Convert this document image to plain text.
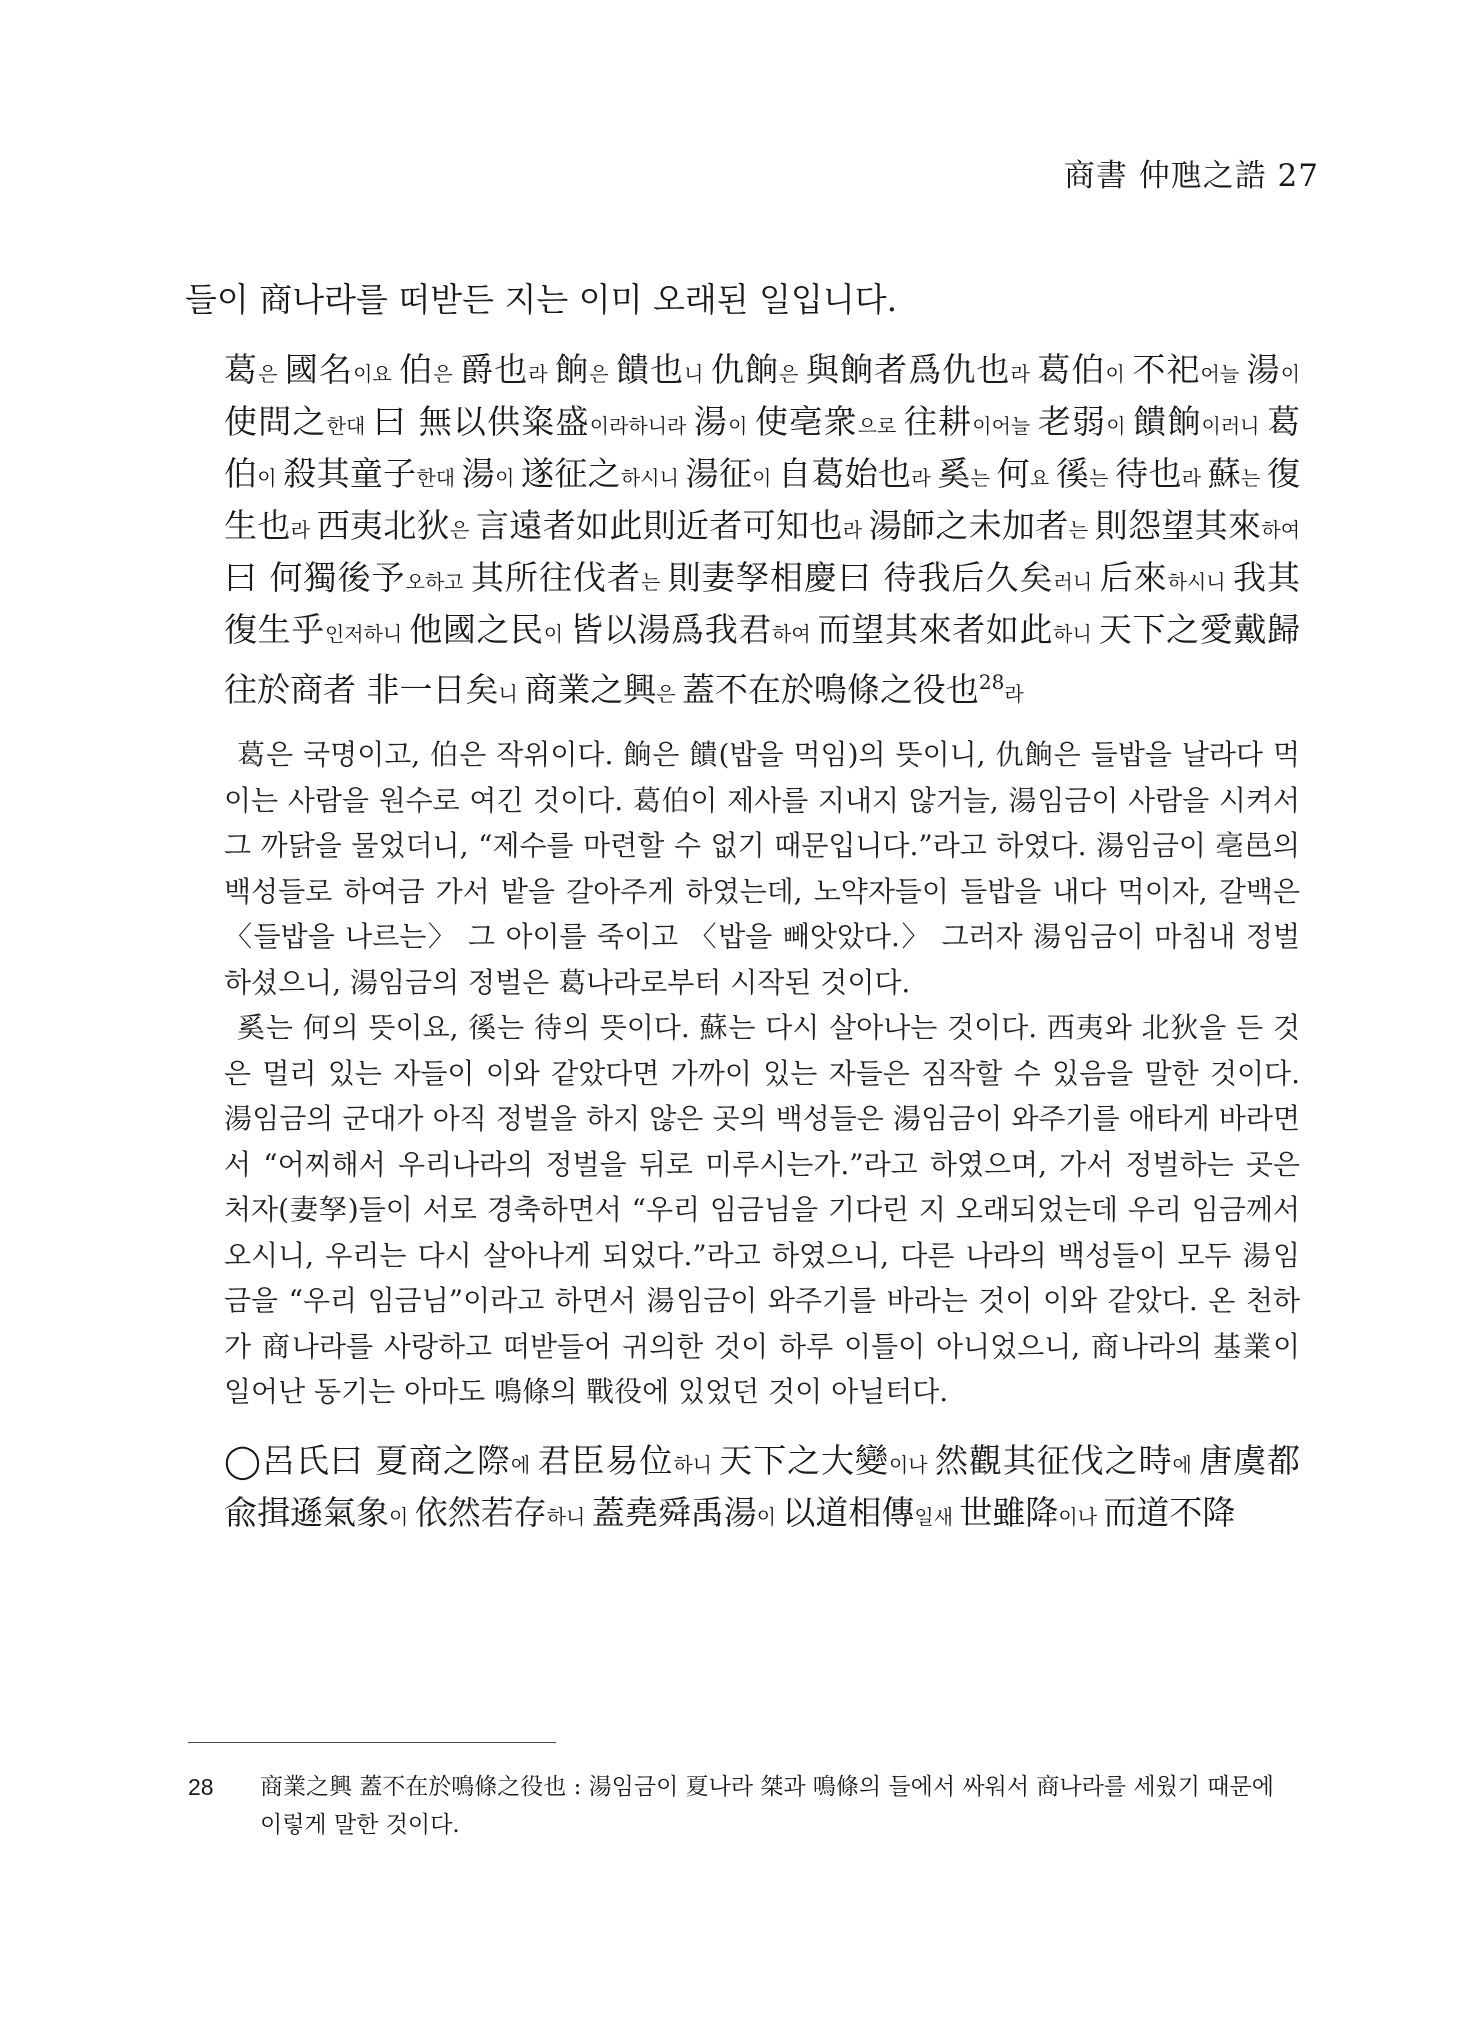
商書 仲虺之誥 27

들이 商나라를 떠받든 지는 이미 오래된 일입니다.

葛은 國名이요 伯은 爵也라 餉은 饋也니 仇餉은 與餉者爲仇也라 葛伯이 不祀어늘 湯이 使問之한대 曰 無以供粢盛이라하니라 湯이 使亳衆으로 往耕이어늘 老弱이 饋餉이러니 葛伯이 殺其童子한대 湯이 遂征之하시니 湯征이 自葛始也라 奚는 何요 徯는 待也라 蘇는 復生也라 西夷北狄은 言遠者如此則近者可知也라 湯師之未加者는 則怨望其來하여 曰 何獨後予오하고 其所往伐者는 則妻孥相慶曰 待我后久矣러니 后來하시니 我其復生乎인저하니 他國之民이 皆以湯爲我君하여 而望其來者如此하니 天下之愛戴歸往於商者 非一日矣니 商業之興은 蓋不在於鳴條之役也$^{28}$라

葛은 국명이고, 伯은 작위이다. 餉은 饋(밥을 먹임)의 뜻이니, 仇餉은 들밥을 날라다 먹이는 사람을 원수로 여긴 것이다. 葛伯이 제사를 지내지 않거늘, 湯임금이 사람을 시켜서 그 까닭을 물었더니, “제수를 마련할 수 없기 때문입니다.”라고 하였다. 湯임금이 亳邑의 백성들로 하여금 가서 밭을 갈아주게 하였는데, 노약자들이 들밥을 내다 먹이자, 갈백은 〈들밥을 나르는〉 그 아이를 죽이고 〈밥을 빼앗았다.〉 그러자 湯임금이 마침내 정벌하셨으니, 湯임금의 정벌은 葛나라로부터 시작된 것이다.

奚는 何의 뜻이요, 徯는 待의 뜻이다. 蘇는 다시 살아나는 것이다. 西夷와 北狄을 든 것은 멀리 있는 자들이 이와 같았다면 가까이 있는 자들은 짐작할 수 있음을 말한 것이다. 湯임금의 군대가 아직 정벌을 하지 않은 곳의 백성들은 湯임금이 와주기를 애타게 바라면서 “어찌해서 우리나라의 정벌을 뒤로 미루시는가.”라고 하였으며, 가서 정벌하는 곳은 처자(妻孥)들이 서로 경축하면서 “우리 임금님을 기다린 지 오래되었는데 우리 임금께서 오시니, 우리는 다시 살아나게 되었다.”라고 하였으니, 다른 나라의 백성들이 모두 湯임금을 “우리 임금님”이라고 하면서 湯임금이 와주기를 바라는 것이 이와 같았다. 온 천하가 商나라를 사랑하고 떠받들어 귀의한 것이 하루 이틀이 아니었으니, 商나라의 基業이 일어난 동기는 아마도 鳴條의 戰役에 있었던 것이 아닐터다.

◯呂氏曰 夏商之際에 君臣易位하니 天下之大變이나 然觀其征伐之時에 唐虞都兪揖遜氣象이 依然若存하니 蓋堯舜禹湯이 以道相傳일새 世雖降이나 而道不降

28 商業之興 蓋不在於鳴條之役也 : 湯임금이 夏나라 桀과 鳴條의 들에서 싸워서 商나라를 세웠기 때문에 이렇게 말한 것이다.
